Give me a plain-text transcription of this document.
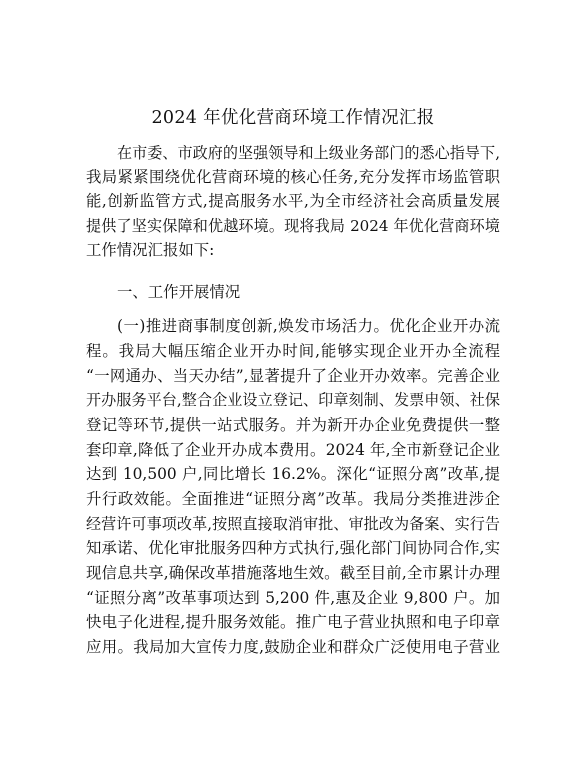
2024 年优化营商环境工作情况汇报
在市委、市政府的坚强领导和上级业务部门的悉心指导下,
我局紧紧围绕优化营商环境的核心任务,充分发挥市场监管职
能,创新监管方式,提高服务水平,为全市经济社会高质量发展
提供了坚实保障和优越环境。现将我局 2024 年优化营商环境
工作情况汇报如下:
一、工作开展情况
(一)推进商事制度创新,焕发市场活力。优化企业开办流
程。我局大幅压缩企业开办时间,能够实现企业开办全流程
“一网通办、当天办结”,显著提升了企业开办效率。完善企业
开办服务平台,整合企业设立登记、印章刻制、发票申领、社保
登记等环节,提供一站式服务。并为新开办企业免费提供一整
套印章,降低了企业开办成本费用。2024 年,全市新登记企业
达到 10,500 户,同比增长 16.2%。深化“证照分离”改革,提
升行政效能。全面推进“证照分离”改革。我局分类推进涉企
经营许可事项改革,按照直接取消审批、审批改为备案、实行告
知承诺、优化审批服务四种方式执行,强化部门间协同合作,实
现信息共享,确保改革措施落地生效。截至目前,全市累计办理
“证照分离”改革事项达到 5,200 件,惠及企业 9,800 户。加
快电子化进程,提升服务效能。推广电子营业执照和电子印章
应用。我局加大宣传力度,鼓励企业和群众广泛使用电子营业
